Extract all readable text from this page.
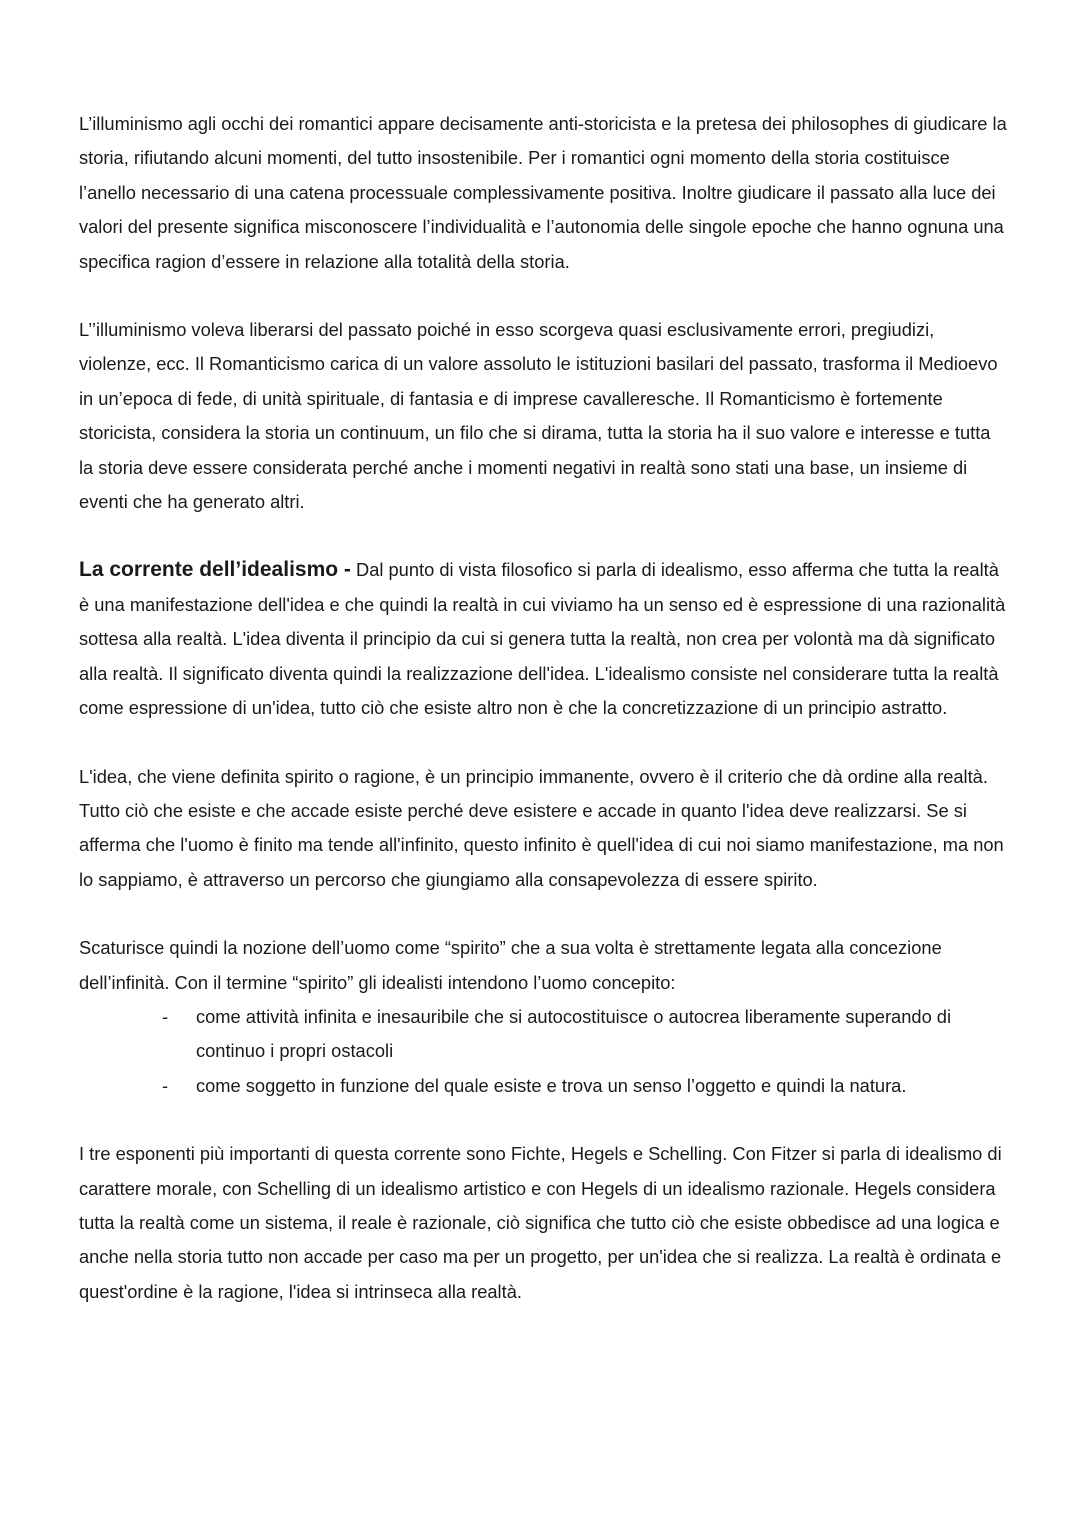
L’illuminismo agli occhi dei romantici appare decisamente anti-storicista e la pretesa dei philosophes di giudicare la storia, rifiutando alcuni momenti, del tutto insostenibile. Per i romantici ogni momento della storia costituisce l’anello necessario di una catena processuale complessivamente positiva. Inoltre giudicare il passato alla luce dei valori del presente significa misconoscere l’individualità e l’autonomia delle singole epoche che hanno ognuna una specifica ragion d’essere in relazione alla totalità della storia.

L’’illuminismo voleva liberarsi del passato poiché in esso scorgeva quasi esclusivamente errori, pregiudizi, violenze, ecc. Il Romanticismo carica di un valore assoluto le istituzioni basilari del passato, trasforma il Medioevo in un’epoca di fede, di unità spirituale, di fantasia e di imprese cavalleresche. Il Romanticismo è fortemente storicista, considera la storia un continuum, un filo che si dirama, tutta la storia ha il suo valore e interesse e tutta la storia deve essere considerata perché anche i momenti negativi in realtà sono stati una base, un insieme di eventi che ha generato altri.

La corrente dell’idealismo - Dal punto di vista filosofico si parla di idealismo, esso afferma che tutta la realtà è una manifestazione dell'idea e che quindi la realtà in cui viviamo ha un senso ed è espressione di una razionalità sottesa alla realtà. L'idea diventa il principio da cui si genera tutta la realtà, non crea per volontà ma dà significato alla realtà. Il significato diventa quindi la realizzazione dell'idea. L'idealismo consiste nel considerare tutta la realtà come espressione di un'idea, tutto ciò che esiste altro non è che la concretizzazione di un principio astratto.

L'idea, che viene definita spirito o ragione, è un principio immanente, ovvero è il criterio che dà ordine alla realtà. Tutto ciò che esiste e che accade esiste perché deve esistere e accade in quanto l'idea deve realizzarsi. Se si afferma che l'uomo è finito ma tende all'infinito, questo infinito è quell'idea di cui noi siamo manifestazione, ma non lo sappiamo, è attraverso un percorso che giungiamo alla consapevolezza di essere spirito.

Scaturisce quindi la nozione dell’uomo come “spirito” che a sua volta è strettamente legata alla concezione dell’infinità. Con il termine “spirito” gli idealisti intendono l’uomo concepito:

- come attività infinita e inesauribile che si autocostituisce o autocrea liberamente superando di continuo i propri ostacoli
- come soggetto in funzione del quale esiste e trova un senso l’oggetto e quindi la natura.

I tre esponenti più importanti di questa corrente sono Fichte, Hegels e Schelling. Con Fitzer si parla di idealismo di carattere morale, con Schelling di un idealismo artistico e con Hegels di un idealismo razionale. Hegels considera tutta la realtà come un sistema, il reale è razionale, ciò significa che tutto ciò che esiste obbedisce ad una logica e anche nella storia tutto non accade per caso ma per un progetto, per un'idea che si realizza. La realtà è ordinata e quest'ordine è la ragione, l'idea si intrinseca alla realtà.
